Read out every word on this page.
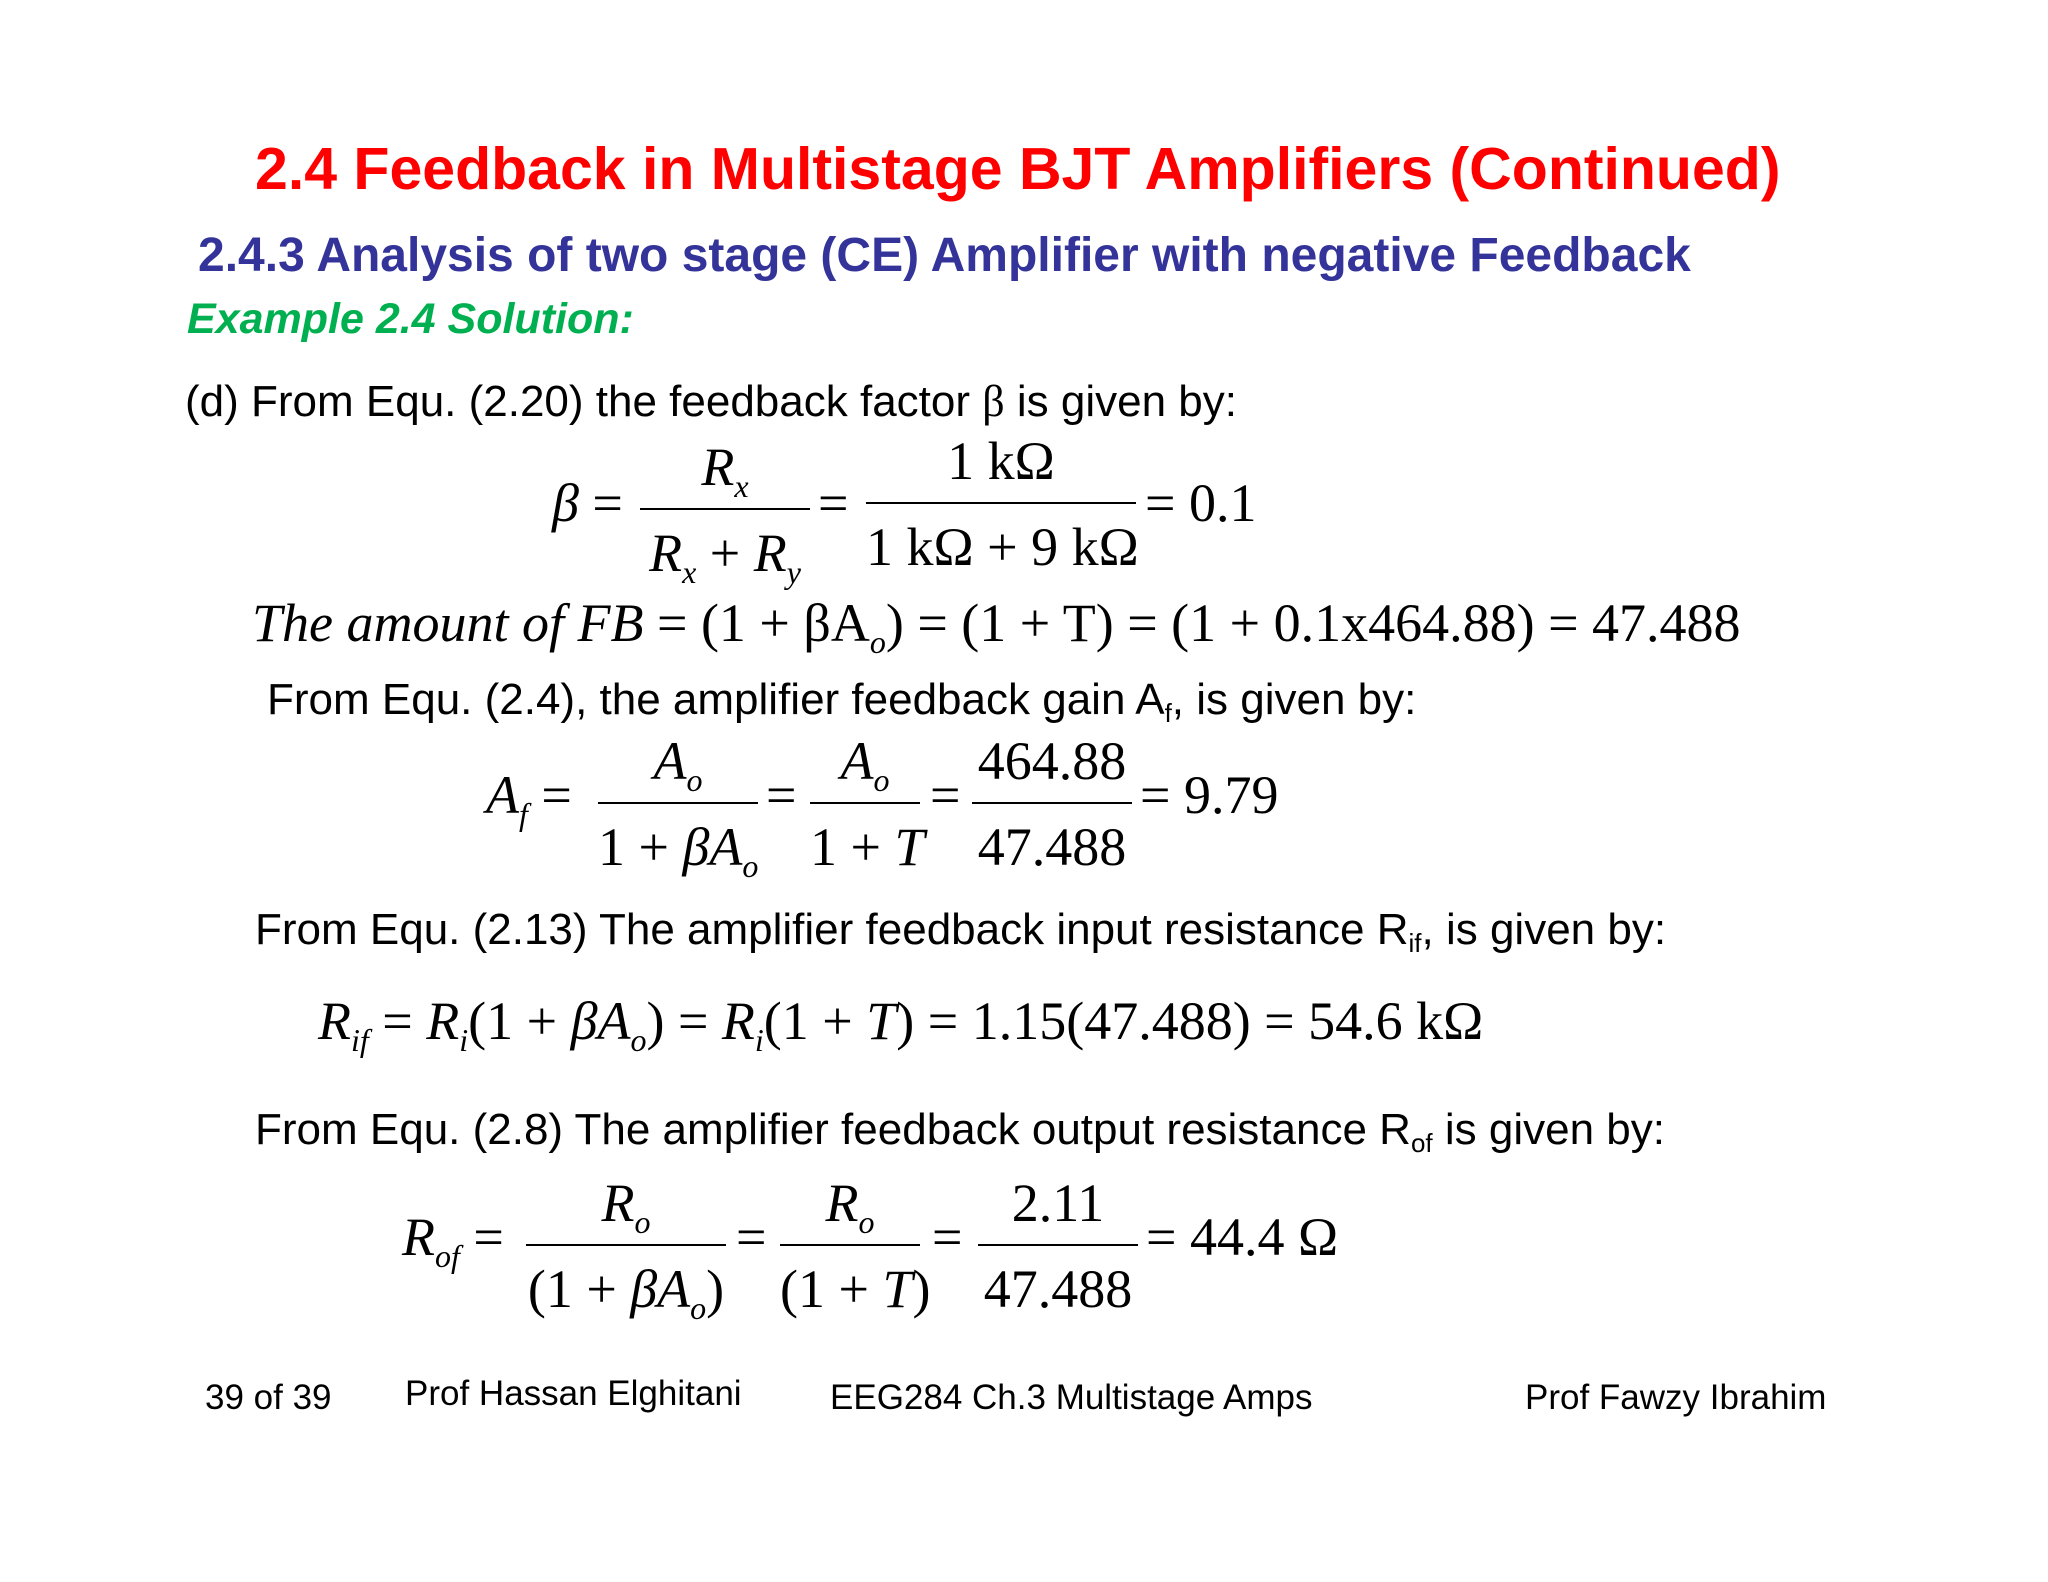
2.4 Feedback in Multistage BJT Amplifiers (Continued)
2.4.3 Analysis of two stage (CE) Amplifier with negative Feedback
Example 2.4 Solution:
(d) From Equ. (2.20) the feedback factor β is given by:
β =
$R_x$
$R_x + R_y$
=
1 kΩ
1 kΩ + 9 kΩ
= 0.1
The amount of FB = $(1 + \beta A_o) = (1 + T) = (1 + 0.1x464.88) = 47.488$
From Equ. (2.4), the amplifier feedback gain $A_f$, is given by:
$A_f$ =
$A_o$
$1 + \beta A_o$
=
$A_o$
1 + T
=
464.88
47.488
= 9.79
From Equ. (2.13) The amplifier feedback input resistance $R_{if}$, is given by:
$R_{if} = R_i(1 + \beta A_o) = R_i(1 + T) = 1.15(47.488) = 54.6$ kΩ
From Equ. (2.8) The amplifier feedback output resistance $R_{of}$ is given by:
$R_{of}$ =
$R_o$
$(1 + \beta A_o)$
=
$R_o$
(1 + T)
=
2.11
47.488
= 44.4 Ω
39 of 39 Prof Hassan Elghitani	EEG284 Ch.3 Multistage Amps	Prof Fawzy Ibrahim
